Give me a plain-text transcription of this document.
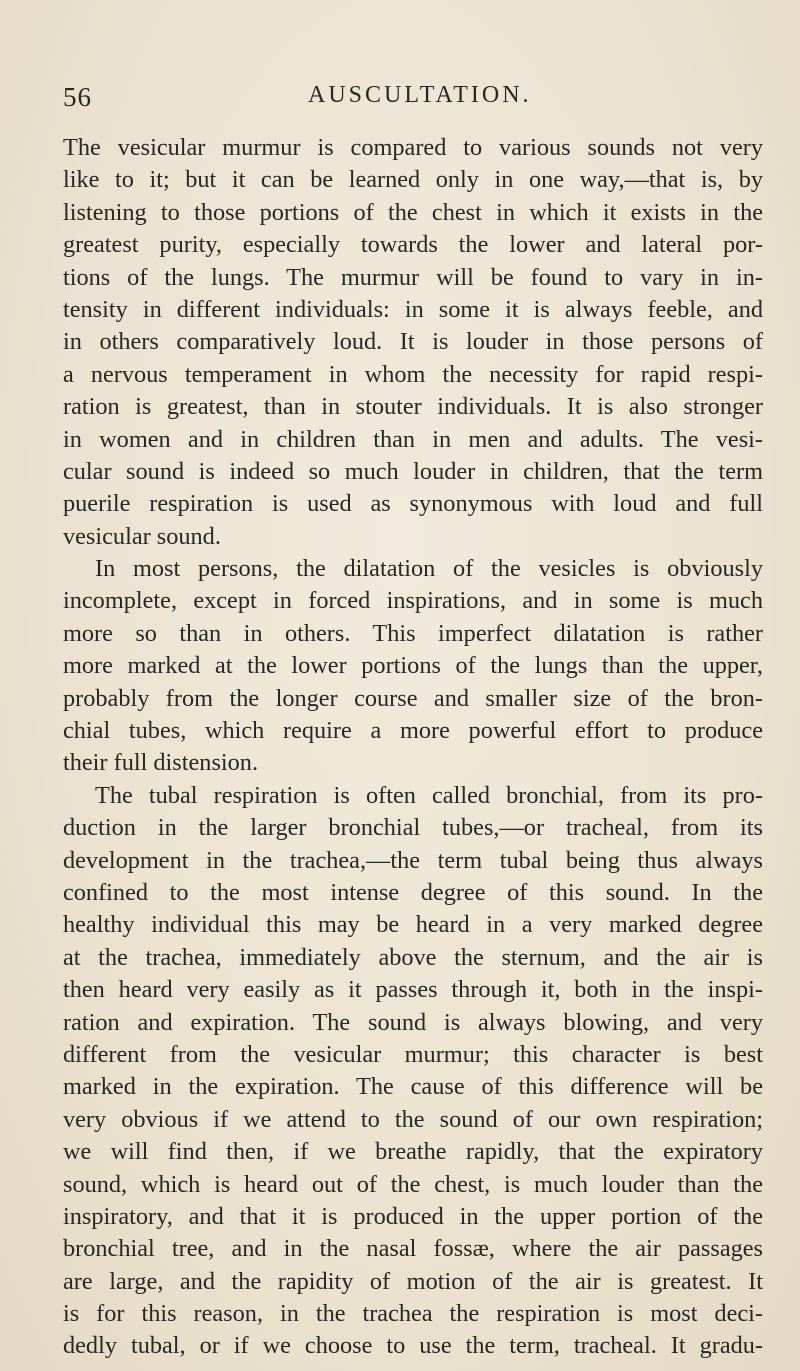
56	AUSCULTATION.
The vesicular murmur is compared to various sounds not very
like to it; but it can be learned only in one way,—that is, by
listening to those portions of the chest in which it exists in the
greatest purity, especially towards the lower and lateral por-
tions of the lungs. The murmur will be found to vary in in-
tensity in different individuals: in some it is always feeble, and
in others comparatively loud. It is louder in those persons of
a nervous temperament in whom the necessity for rapid respi-
ration is greatest, than in stouter individuals. It is also stronger
in women and in children than in men and adults. The vesi-
cular sound is indeed so much louder in children, that the term
puerile respiration is used as synonymous with loud and full
vesicular sound.
In most persons, the dilatation of the vesicles is obviously
incomplete, except in forced inspirations, and in some is much
more so than in others. This imperfect dilatation is rather
more marked at the lower portions of the lungs than the upper,
probably from the longer course and smaller size of the bron-
chial tubes, which require a more powerful effort to produce
their full distension.
The tubal respiration is often called bronchial, from its pro-
duction in the larger bronchial tubes,—or tracheal, from its
development in the trachea,—the term tubal being thus always
confined to the most intense degree of this sound. In the
healthy individual this may be heard in a very marked degree
at the trachea, immediately above the sternum, and the air is
then heard very easily as it passes through it, both in the inspi-
ration and expiration. The sound is always blowing, and very
different from the vesicular murmur; this character is best
marked in the expiration. The cause of this difference will be
very obvious if we attend to the sound of our own respiration;
we will find then, if we breathe rapidly, that the expiratory
sound, which is heard out of the chest, is much louder than the
inspiratory, and that it is produced in the upper portion of the
bronchial tree, and in the nasal fossæ, where the air passages
are large, and the rapidity of motion of the air is greatest. It
is for this reason, in the trachea the respiration is most deci-
dedly tubal, or if we choose to use the term, tracheal. It gradu-
